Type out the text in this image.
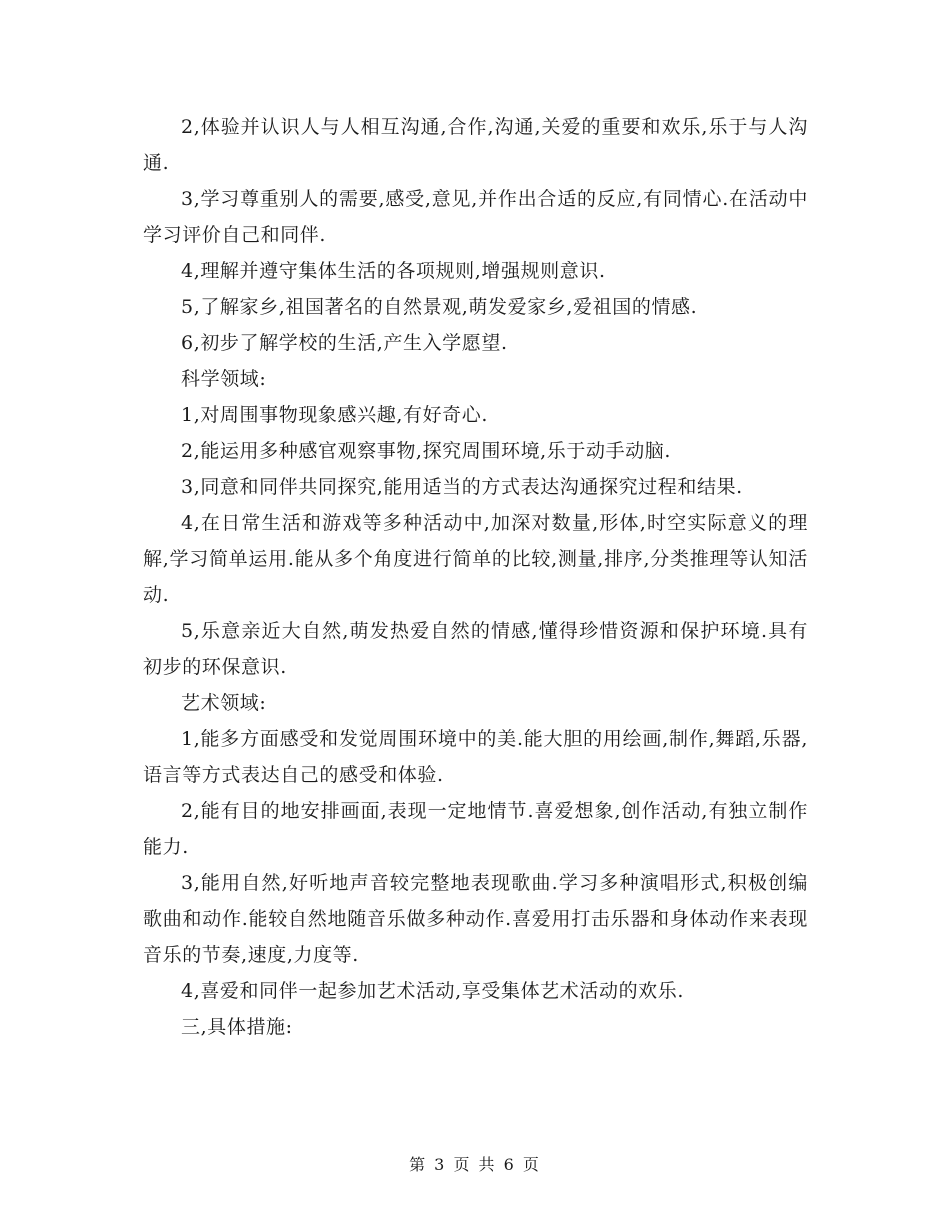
2,体验并认识人与人相互沟通,合作,沟通,关爱的重要和欢乐,乐于与人沟通.

3,学习尊重别人的需要,感受,意见,并作出合适的反应,有同情心.在活动中学习评价自己和同伴.

4,理解并遵守集体生活的各项规则,增强规则意识.

5,了解家乡,祖国著名的自然景观,萌发爱家乡,爱祖国的情感.

6,初步了解学校的生活,产生入学愿望.

科学领域:

1,对周围事物现象感兴趣,有好奇心.

2,能运用多种感官观察事物,探究周围环境,乐于动手动脑.

3,同意和同伴共同探究,能用适当的方式表达沟通探究过程和结果.

4,在日常生活和游戏等多种活动中,加深对数量,形体,时空实际意义的理解,学习简单运用.能从多个角度进行简单的比较,测量,排序,分类推理等认知活动.

5,乐意亲近大自然,萌发热爱自然的情感,懂得珍惜资源和保护环境.具有初步的环保意识.

艺术领域:

1,能多方面感受和发觉周围环境中的美.能大胆的用绘画,制作,舞蹈,乐器,语言等方式表达自己的感受和体验.

2,能有目的地安排画面,表现一定地情节.喜爱想象,创作活动,有独立制作能力.

3,能用自然,好听地声音较完整地表现歌曲.学习多种演唱形式,积极创编歌曲和动作.能较自然地随音乐做多种动作.喜爱用打击乐器和身体动作来表现音乐的节奏,速度,力度等.

4,喜爱和同伴一起参加艺术活动,享受集体艺术活动的欢乐.

三,具体措施:

第 3 页 共 6 页
